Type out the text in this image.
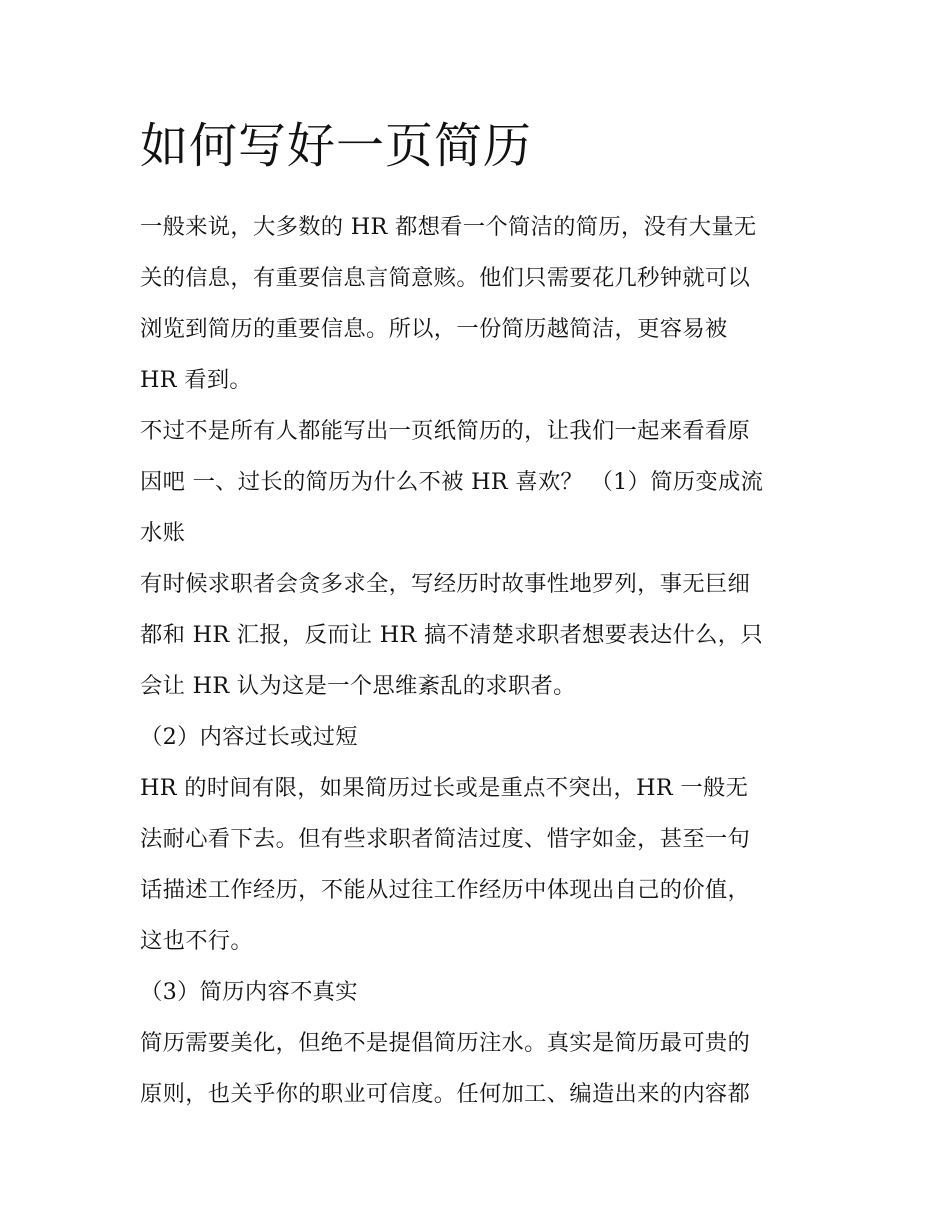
如何写好一页简历

一般来说，大多数的 HR 都想看一个简洁的简历，没有大量无
关的信息，有重要信息言简意赅。他们只需要花几秒钟就可以
浏览到简历的重要信息。所以，一份简历越简洁，更容易被
HR 看到。

不过不是所有人都能写出一页纸简历的，让我们一起来看看原
因吧 一、过长的简历为什么不被 HR 喜欢？ （1）简历变成流
水账

有时候求职者会贪多求全，写经历时故事性地罗列，事无巨细
都和 HR 汇报，反而让 HR 搞不清楚求职者想要表达什么，只
会让 HR 认为这是一个思维紊乱的求职者。

（2）内容过长或过短

HR 的时间有限，如果简历过长或是重点不突出，HR 一般无
法耐心看下去。但有些求职者简洁过度、惜字如金，甚至一句
话描述工作经历，不能从过往工作经历中体现出自己的价值，
这也不行。

（3）简历内容不真实

简历需要美化，但绝不是提倡简历注水。真实是简历最可贵的
原则，也关乎你的职业可信度。任何加工、编造出来的内容都
